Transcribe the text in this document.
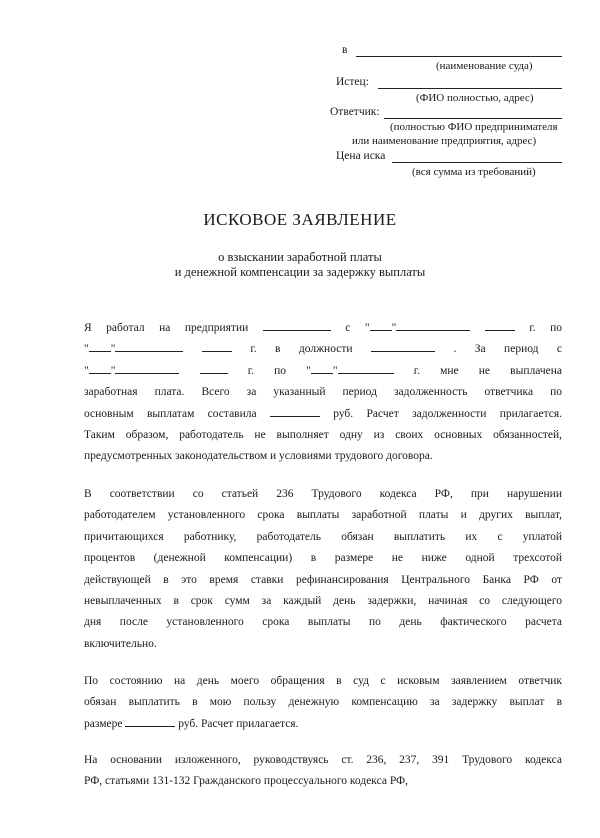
в
(наименование суда)
Истец:
(ФИО полностью, адрес)
Ответчик:
(полностью ФИО предпринимателя
или наименование предприятия, адрес)
Цена иска
(вся сумма из требований)
ИСКОВОЕ ЗАЯВЛЕНИЕ
о взыскании заработной платы
и денежной компенсации за задержку выплаты
Я работал на предприятии	с " "	г. по
" "	г. в должности	. За период с
" "	г. по " "	г. мне не выплачена
заработная плата. Всего за указанный период задолженность ответчика по
основным выплатам составила	руб. Расчет задолженности прилагается.
Таким образом, работодатель не выполняет одну из своих основных обязанностей,
предусмотренных законодательством и условиями трудового договора.
В соответствии со статьей 236 Трудового кодекса РФ, при нарушении
работодателем установленного срока выплаты заработной платы и других выплат,
причитающихся работнику, работодатель обязан выплатить их с уплатой
процентов (денежной компенсации) в размере не ниже одной трехсотой
действующей в это время ставки рефинансирования Центрального Банка РФ от
невыплаченных в срок сумм за каждый день задержки, начиная со следующего
дня после установленного срока выплаты по день фактического расчета
включительно.
По состоянию на день моего обращения в суд с исковым заявлением ответчик
обязан выплатить в мою пользу денежную компенсацию за задержку выплат в
размере	руб. Расчет прилагается.
На основании изложенного, руководствуясь ст. 236, 237, 391 Трудового кодекса
РФ, статьями 131-132 Гражданского процессуального кодекса РФ,
